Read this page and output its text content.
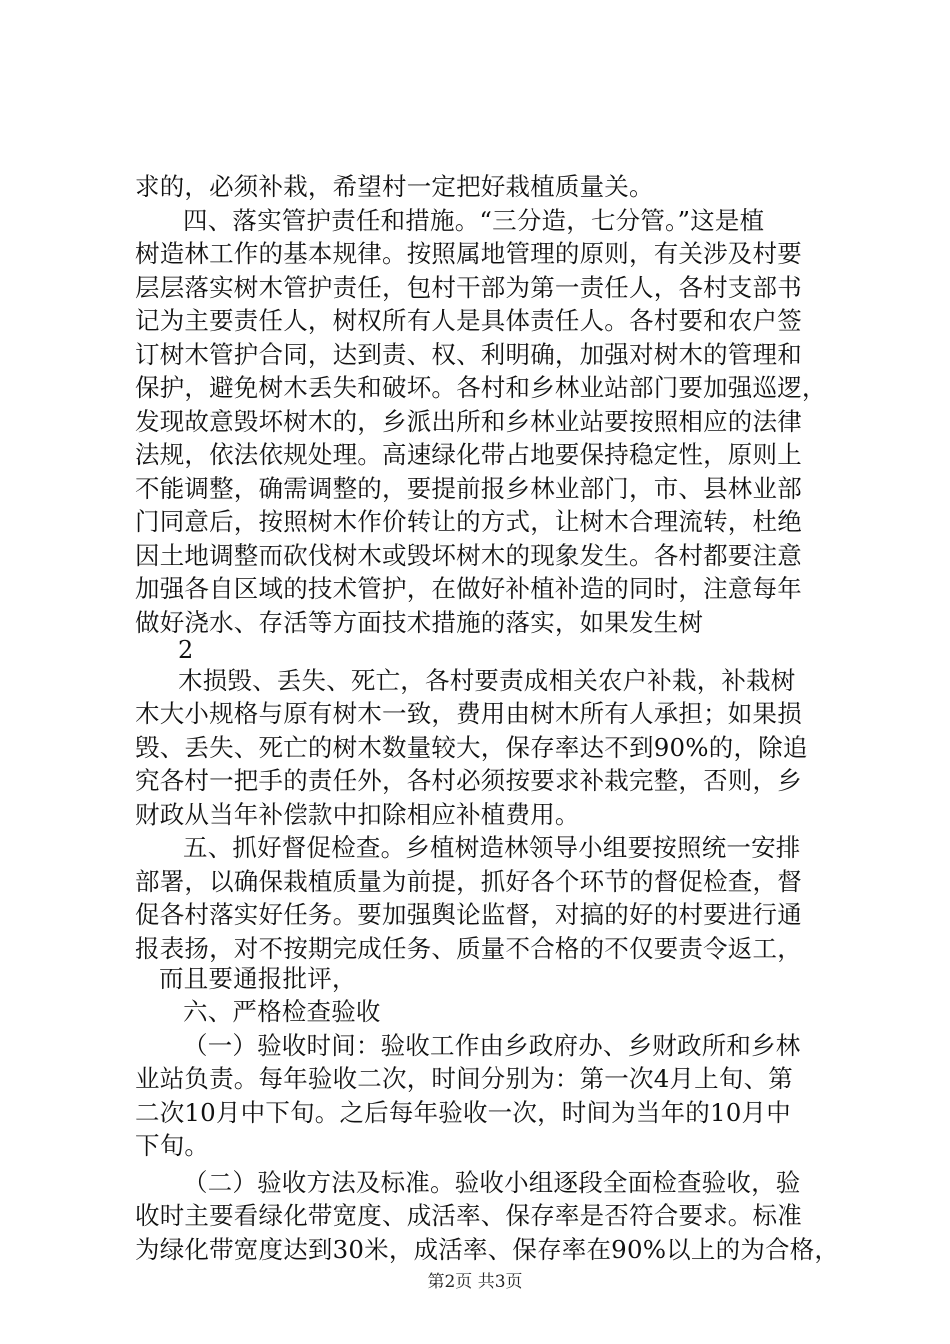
求的，必须补栽，希望村一定把好栽植质量关。
四、落实管护责任和措施。“三分造，七分管。”这是植
树造林工作的基本规律。按照属地管理的原则，有关涉及村要
层层落实树木管护责任，包村干部为第一责任人，各村支部书
记为主要责任人，树权所有人是具体责任人。各村要和农户签
订树木管护合同，达到责、权、利明确，加强对树木的管理和
保护，避免树木丢失和破坏。各村和乡林业站部门要加强巡逻，
发现故意毁坏树木的，乡派出所和乡林业站要按照相应的法律
法规，依法依规处理。高速绿化带占地要保持稳定性，原则上
不能调整，确需调整的，要提前报乡林业部门，市、县林业部
门同意后，按照树木作价转让的方式，让树木合理流转，杜绝
因土地调整而砍伐树木或毁坏树木的现象发生。各村都要注意
加强各自区域的技术管护，在做好补植补造的同时，注意每年
做好浇水、存活等方面技术措施的落实，如果发生树
2
木损毁、丢失、死亡，各村要责成相关农户补栽，补栽树
木大小规格与原有树木一致，费用由树木所有人承担；如果损
毁、丢失、死亡的树木数量较大，保存率达不到90%的，除追
究各村一把手的责任外，各村必须按要求补栽完整，否则，乡
财政从当年补偿款中扣除相应补植费用。
五、抓好督促检查。乡植树造林领导小组要按照统一安排
部署，以确保栽植质量为前提，抓好各个环节的督促检查，督
促各村落实好任务。要加强舆论监督，对搞的好的村要进行通
报表扬，对不按期完成任务、质量不合格的不仅要责令返工，
而且要通报批评，
六、严格检查验收
（一）验收时间：验收工作由乡政府办、乡财政所和乡林
业站负责。每年验收二次，时间分别为：第一次4月上旬、第
二次10月中下旬。之后每年验收一次，时间为当年的10月中
下旬。
（二）验收方法及标准。验收小组逐段全面检查验收，验
收时主要看绿化带宽度、成活率、保存率是否符合要求。标准
为绿化带宽度达到30米，成活率、保存率在90%以上的为合格，
第2页 共3页
